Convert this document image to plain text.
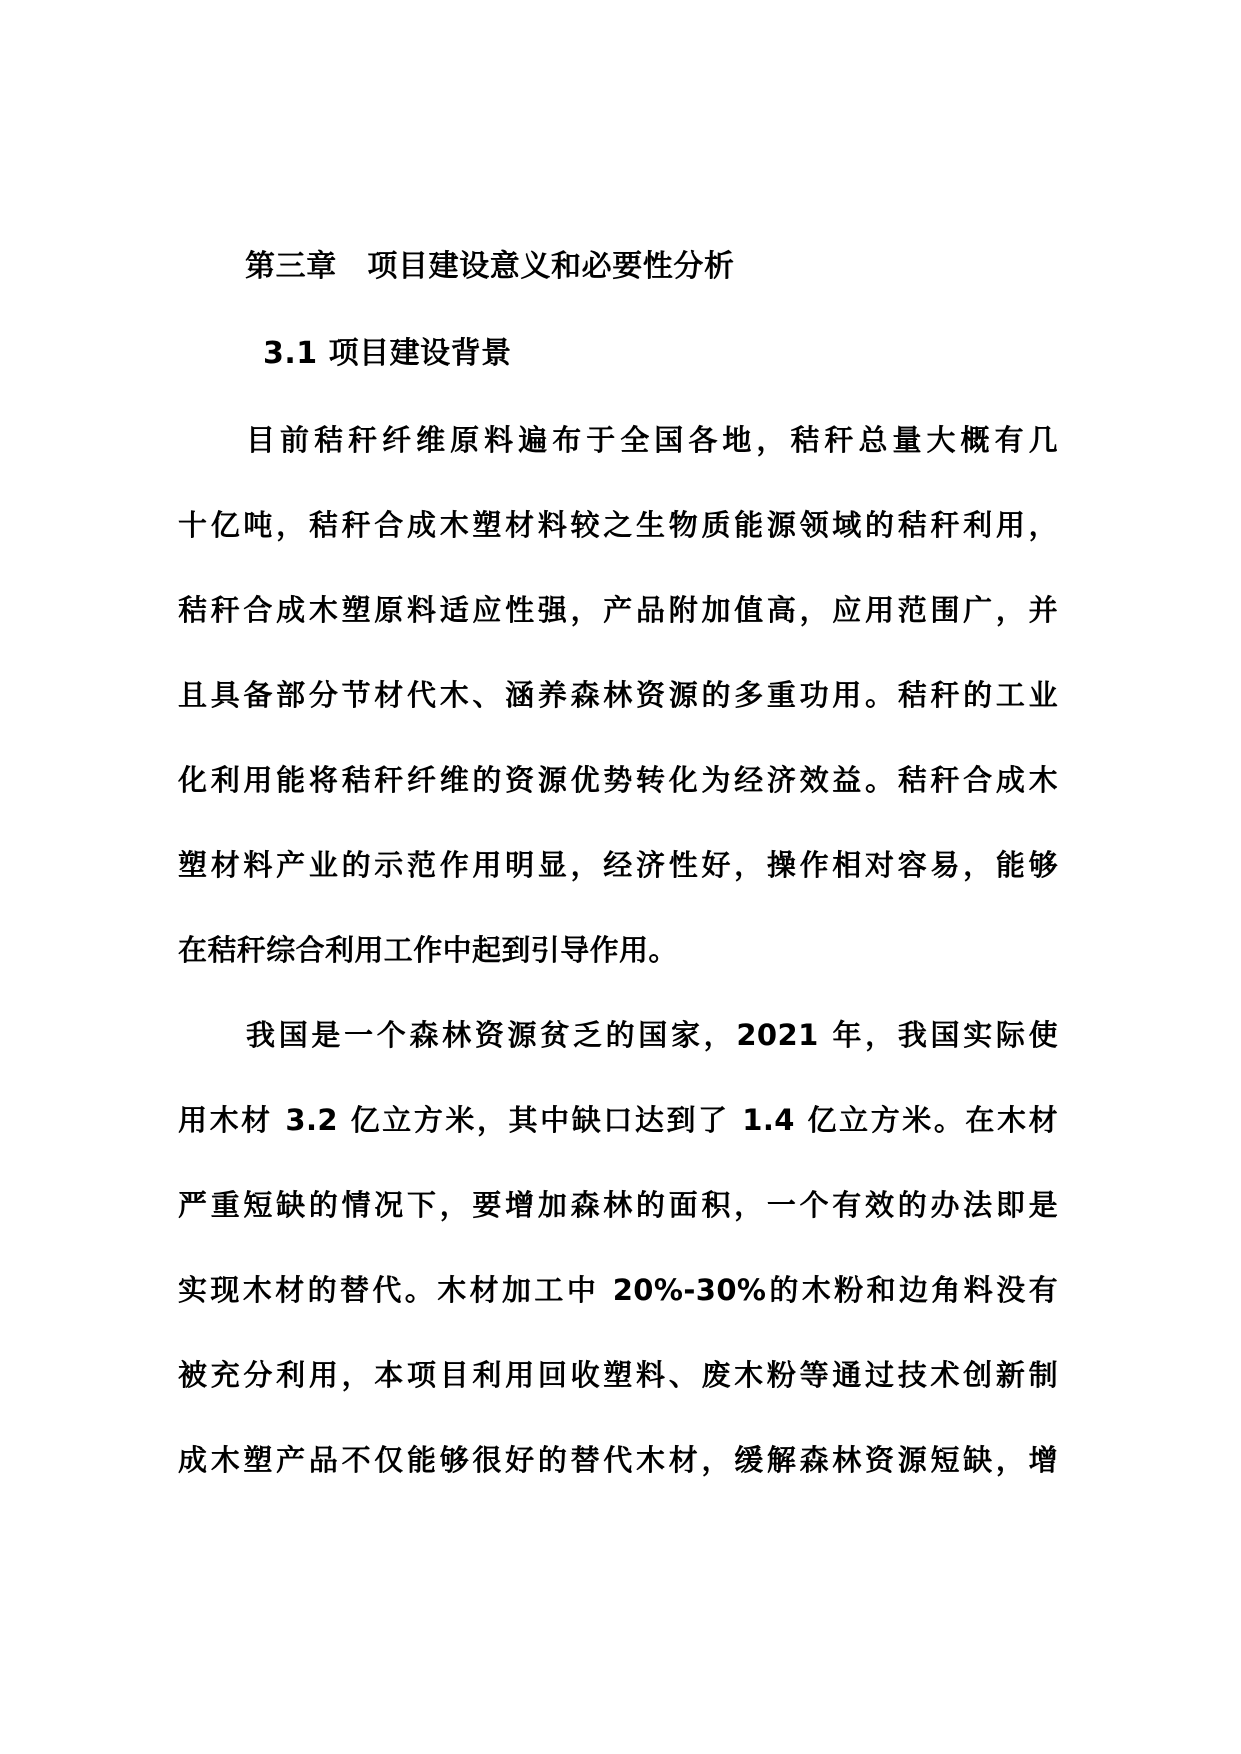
第三章　项目建设意义和必要性分析
3.1 项目建设背景
目前秸秆纤维原料遍布于全国各地，秸秆总量大概有几
十亿吨，秸秆合成木塑材料较之生物质能源领域的秸秆利用，
秸秆合成木塑原料适应性强，产品附加值高，应用范围广，并
且具备部分节材代木、涵养森林资源的多重功用。秸秆的工业
化利用能将秸秆纤维的资源优势转化为经济效益。秸秆合成木
塑材料产业的示范作用明显，经济性好，操作相对容易，能够
在秸秆综合利用工作中起到引导作用。
我国是一个森林资源贫乏的国家，2021 年，我国实际使
用木材 3.2 亿立方米，其中缺口达到了 1.4 亿立方米。在木材
严重短缺的情况下，要增加森林的面积，一个有效的办法即是
实现木材的替代。木材加工中 20%-30%的木粉和边角料没有
被充分利用，本项目利用回收塑料、废木粉等通过技术创新制
成木塑产品不仅能够很好的替代木材，缓解森林资源短缺，增
